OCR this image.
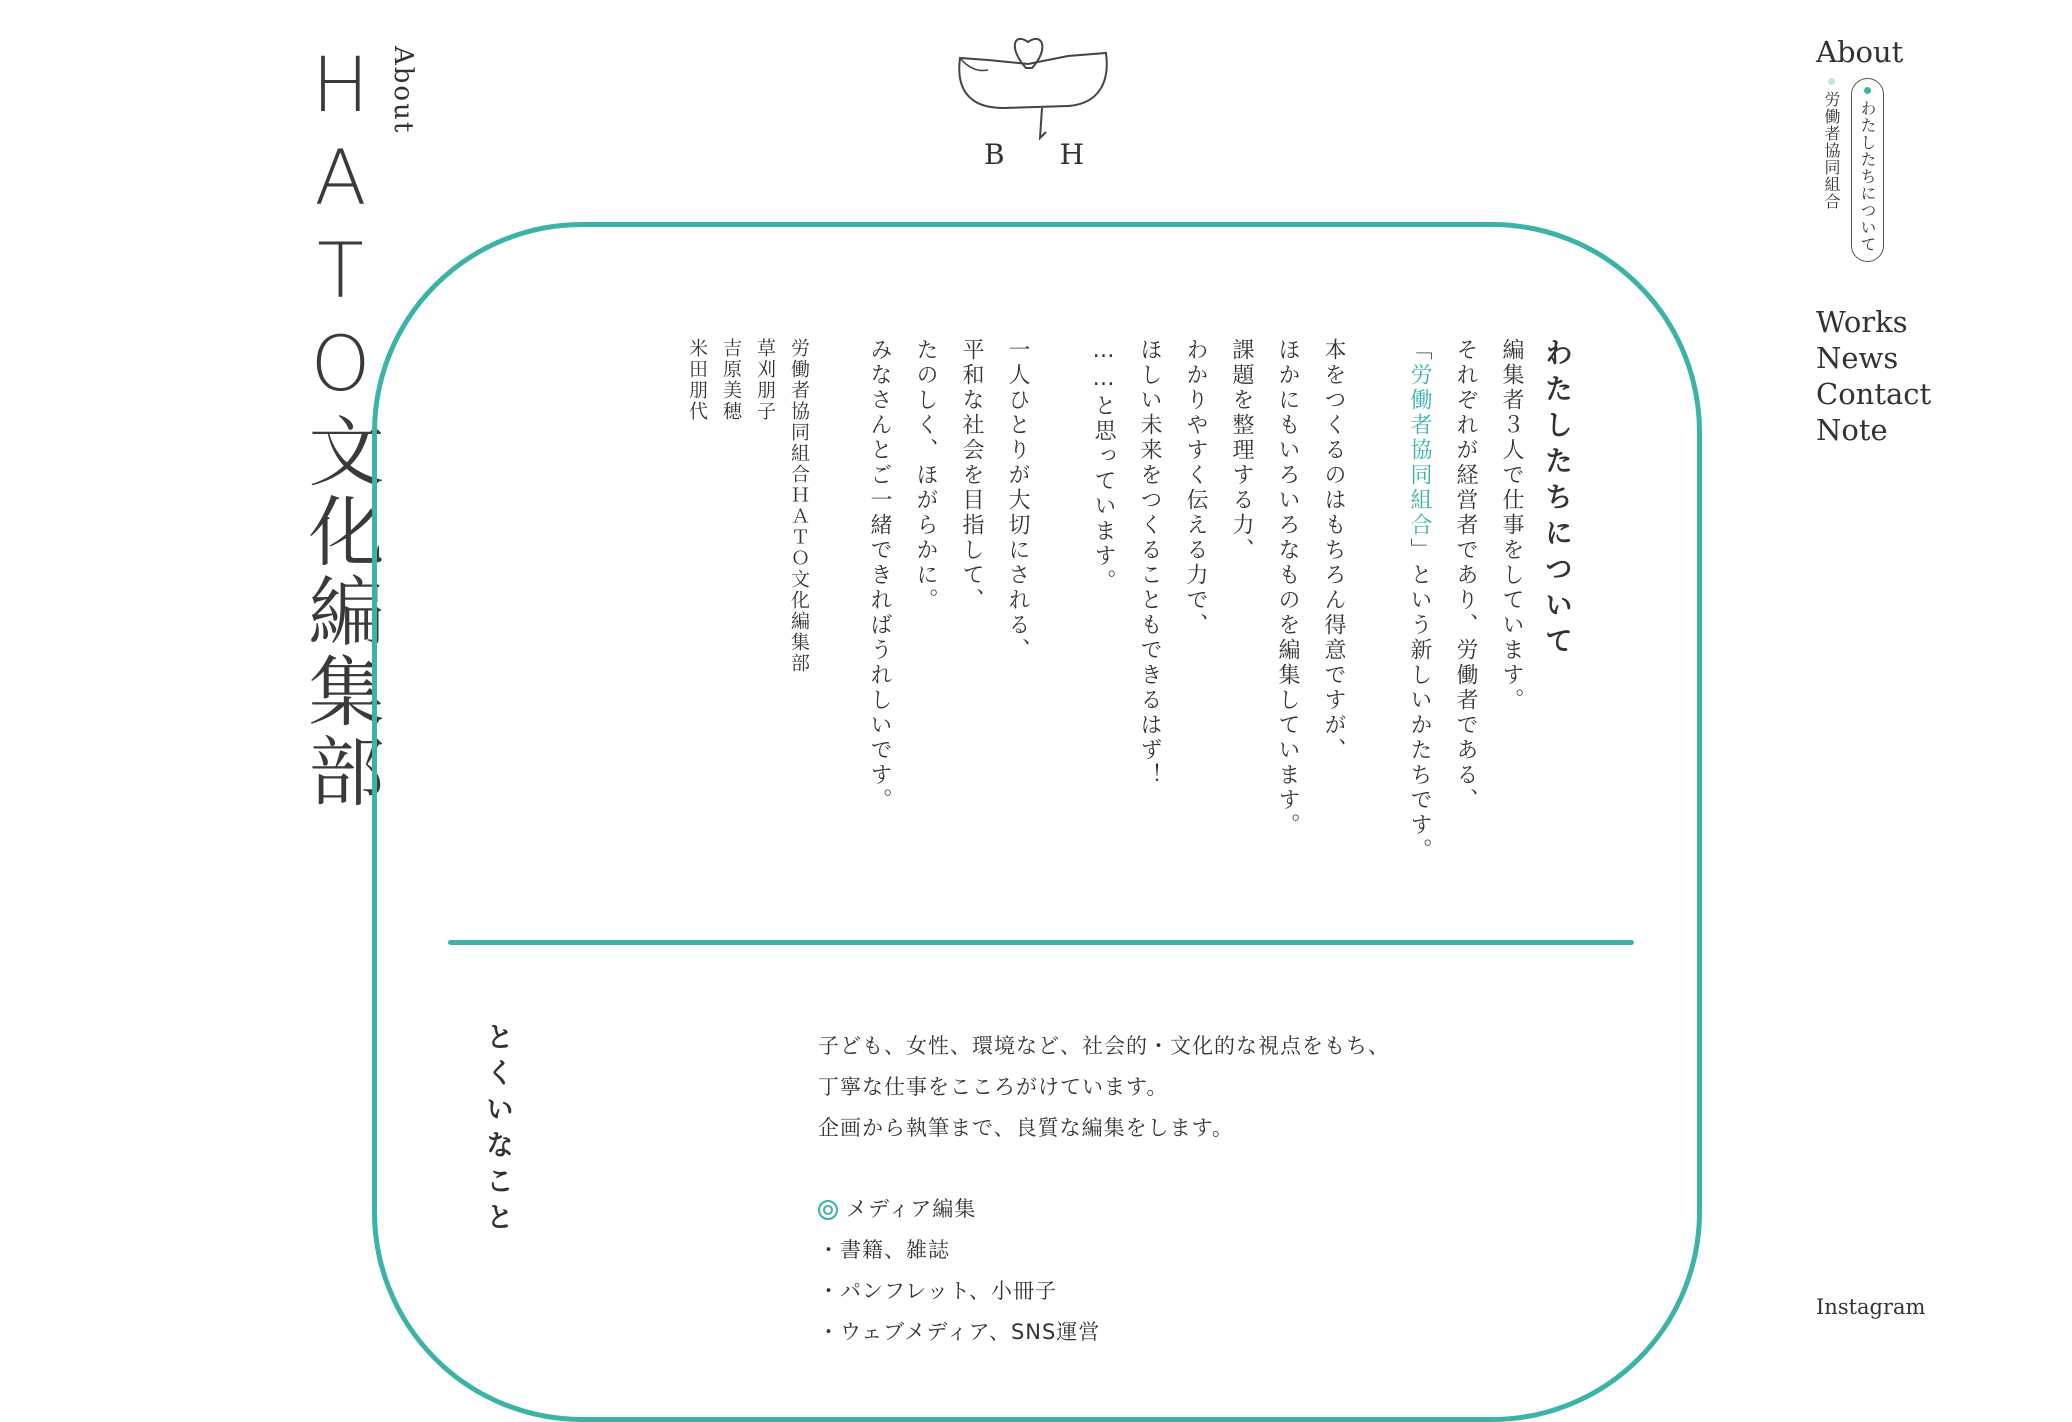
About
HATO文化編集部	B H
About
わたしたちについて
労働者協同組合
Works
News
Contact
Note
Instagram
わたしたちについて
編集者３人で仕事をしています。
それぞれが経営者であり、労働者である、
「労働者協同組合」という新しいかたちです。
本をつくるのはもちろん得意ですが、
ほかにもいろいろなものを編集しています。
課題を整理する力、
わかりやすく伝える力で、
ほしい未来をつくることもできるはず！
……と思っています。
一人ひとりが大切にされる、
平和な社会を目指して、
たのしく、ほがらかに。
みなさんとご一緒できればうれしいです。
労働者協同組合ＨＡＴＯ文化編集部
草刈朋子
吉原美穂
米田朋代
とくいなこと	子ども、女性、環境など、社会的・文化的な視点をもち、

丁寧な仕事をこころがけています。

企画から執筆まで、良質な編集をします。

メディア編集

・書籍、雑誌

・パンフレット、小冊子

・ウェブメディア、SNS運営
